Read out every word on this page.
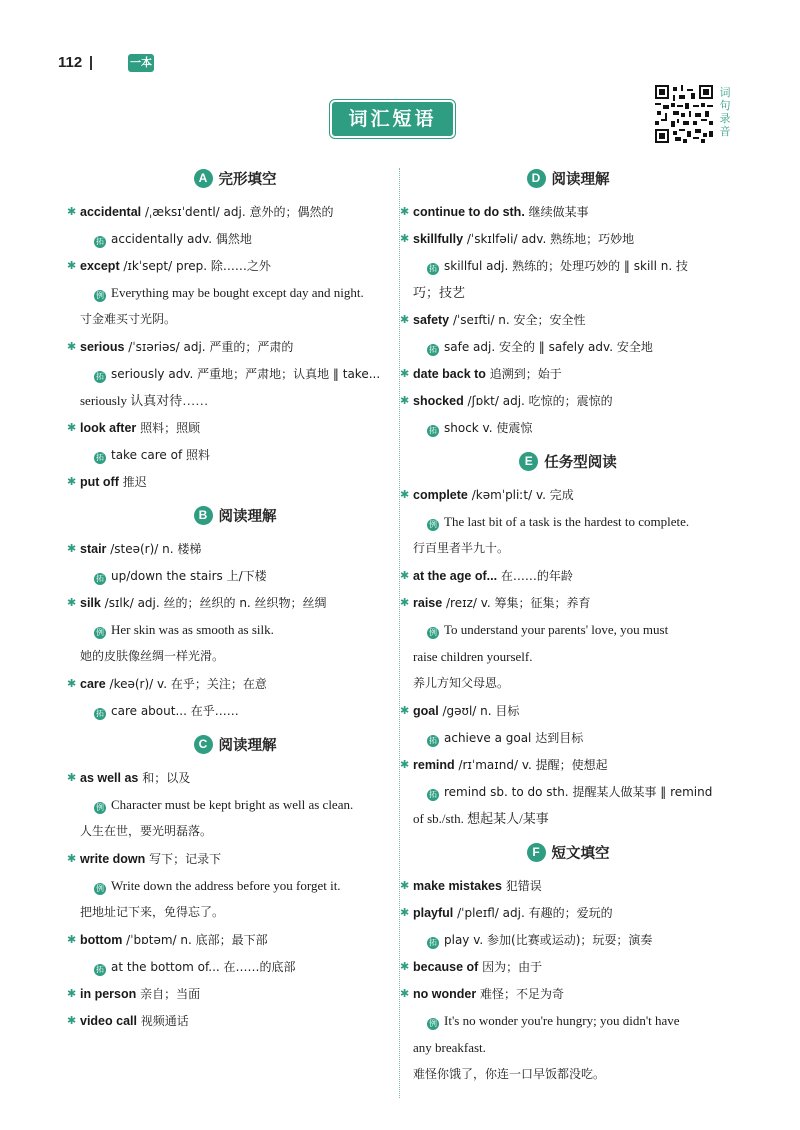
112	一本
词汇短语
词句录音
A 完形填空
✱ accidental /ˌæksɪˈdentl/ adj. 意外的；偶然的
拓 accidentally adv. 偶然地
✱ except /ɪkˈsept/ prep. 除……之外
例 Everything may be bought except day and night.
寸金难买寸光阴。
✱ serious /ˈsɪəriəs/ adj. 严重的；严肃的
拓 seriously adv. 严重地；严肃地；认真地 ‖ take...
seriously 认真对待……
✱ look after 照料；照顾
拓 take care of 照料
✱ put off 推迟
B 阅读理解
✱ stair /steə(r)/ n. 楼梯
拓 up/down the stairs 上/下楼
✱ silk /sɪlk/ adj. 丝的；丝织的 n. 丝织物；丝绸
例 Her skin was as smooth as silk.
她的皮肤像丝绸一样光滑。
✱ care /keə(r)/ v. 在乎；关注；在意
拓 care about... 在乎……
C 阅读理解
✱ as well as 和；以及
例 Character must be kept bright as well as clean.
人生在世，要光明磊落。
✱ write down 写下；记录下
例 Write down the address before you forget it.
把地址记下来，免得忘了。
✱ bottom /ˈbɒtəm/ n. 底部；最下部
拓 at the bottom of... 在……的底部
✱ in person 亲自；当面
✱ video call 视频通话
D 阅读理解
✱ continue to do sth. 继续做某事
✱ skillfully /ˈskɪlfəli/ adv. 熟练地；巧妙地
拓 skillful adj. 熟练的；处理巧妙的 ‖ skill n. 技
巧；技艺
✱ safety /ˈseɪfti/ n. 安全；安全性
拓 safe adj. 安全的 ‖ safely adv. 安全地
✱ date back to 追溯到；始于
✱ shocked /ʃɒkt/ adj. 吃惊的；震惊的
拓 shock v. 使震惊
E 任务型阅读
✱ complete /kəmˈpliːt/ v. 完成
例 The last bit of a task is the hardest to complete.
行百里者半九十。
✱ at the age of... 在……的年龄
✱ raise /reɪz/ v. 筹集；征集；养育
例 To understand your parents' love, you must
raise children yourself.
养儿方知父母恩。
✱ goal /gəʊl/ n. 目标
拓 achieve a goal 达到目标
✱ remind /rɪˈmaɪnd/ v. 提醒；使想起
拓 remind sb. to do sth. 提醒某人做某事 ‖ remind
of sb./sth. 想起某人/某事
F 短文填空
✱ make mistakes 犯错误
✱ playful /ˈpleɪfl/ adj. 有趣的；爱玩的
拓 play v. 参加(比赛或运动)；玩耍；演奏
✱ because of 因为；由于
✱ no wonder 难怪；不足为奇
例 It's no wonder you're hungry; you didn't have
any breakfast.
难怪你饿了，你连一口早饭都没吃。
